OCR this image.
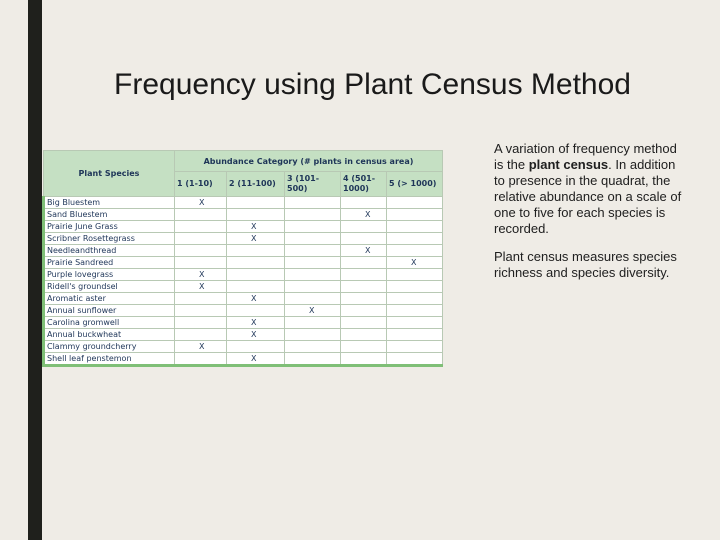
Frequency using Plant Census Method
Plant Species	Abundance Category (# plants in census area)				
	1 (1-10)	2 (11-100)	3 (101-500)	4 (501-1000)	5 (> 1000)
Big Bluestem	X				
Sand Bluestem				X	
Prairie June Grass		X			
Scribner Rosettegrass		X			
Needleandthread				X	
Prairie Sandreed					X
Purple lovegrass	X				
Ridell's groundsel	X				
Aromatic aster		X			
Annual sunflower			X		
Carolina gromwell		X			
Annual buckwheat		X			
Clammy groundcherry	X				
Shell leaf penstemon		X			

A variation of frequency method is the plant census. In addition to presence in the quadrat, the relative abundance on a scale of one to five for each species is recorded.

Plant census measures species richness and species diversity.
